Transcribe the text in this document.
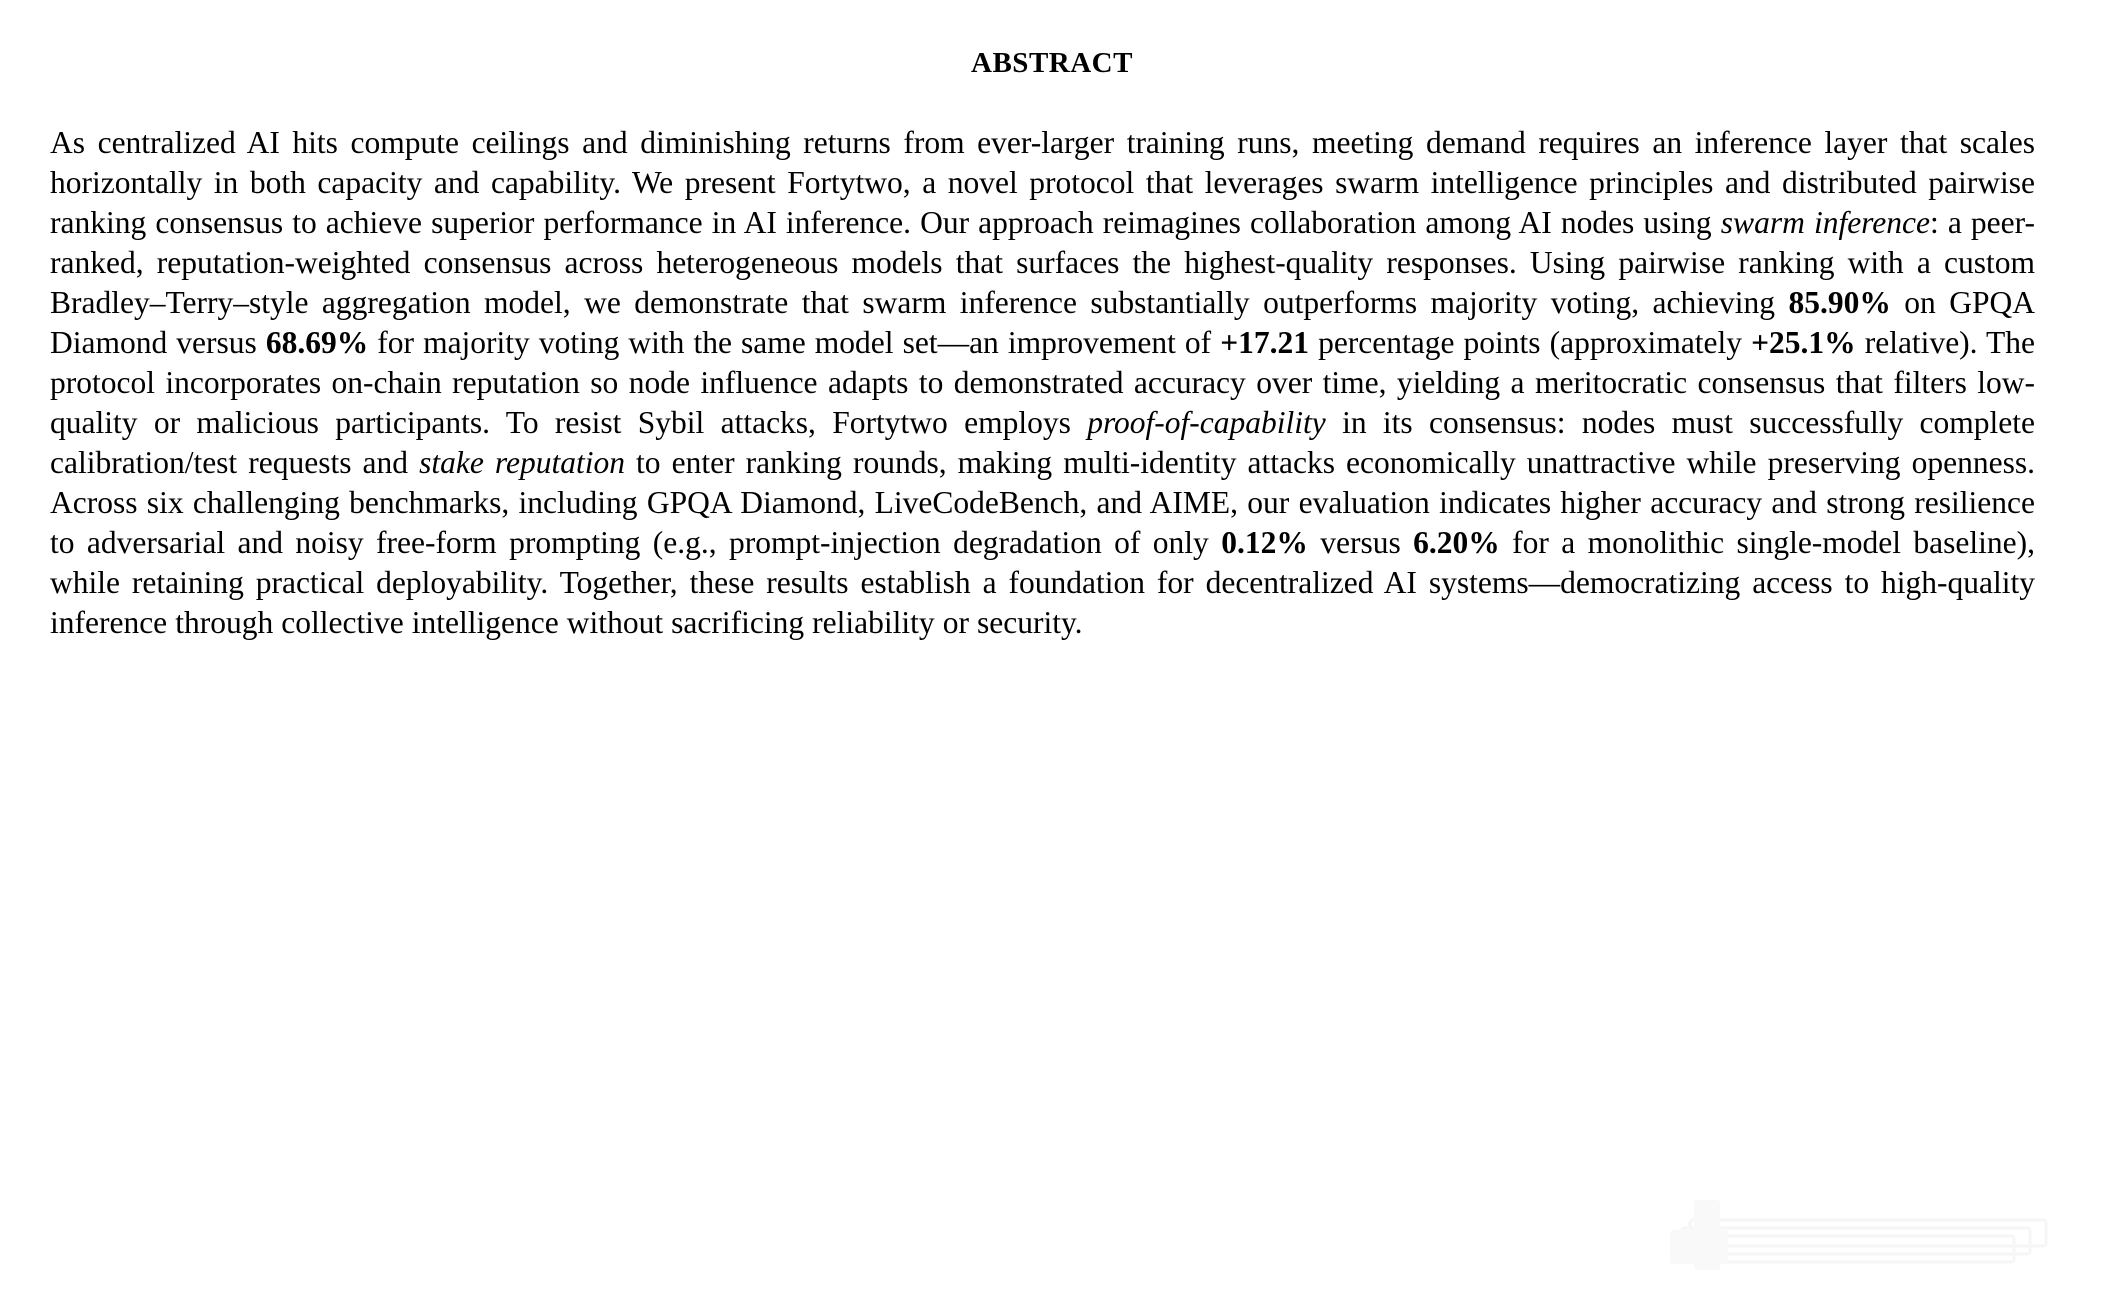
abstract

As centralized AI hits compute ceilings and diminishing returns from ever-larger training runs, meeting demand requires an inference layer that scales horizontally in both capacity and capability. We present Fortytwo, a novel protocol that leverages swarm intelligence principles and distributed pairwise ranking consensus to achieve superior performance in AI inference. Our approach reimagines collaboration among AI nodes using swarm inference: a peer-ranked, reputation-weighted consensus across heterogeneous models that surfaces the highest-quality responses. Using pairwise ranking with a custom Bradley–Terry–style aggregation model, we demonstrate that swarm inference substantially outperforms majority voting, achieving 85.90% on GPQA Diamond versus 68.69% for majority voting with the same model set—an improvement of +17.21 percentage points (approximately +25.1% relative). The protocol incorporates on-chain reputation so node influence adapts to demonstrated accuracy over time, yielding a meritocratic consensus that filters low-quality or malicious participants. To resist Sybil attacks, Fortytwo employs proof-of-capability in its consensus: nodes must successfully complete calibration/test requests and stake reputation to enter ranking rounds, making multi-identity attacks economically unattractive while preserving openness. Across six challenging benchmarks, including GPQA Diamond, LiveCodeBench, and AIME, our evaluation indicates higher accuracy and strong resilience to adversarial and noisy free-form prompting (e.g., prompt-injection degradation of only 0.12% versus 6.20% for a monolithic single-model baseline), while retaining practical deployability. Together, these results establish a foundation for decentralized AI systems—democratizing access to high-quality inference through collective intelligence without sacrificing reliability or security.
